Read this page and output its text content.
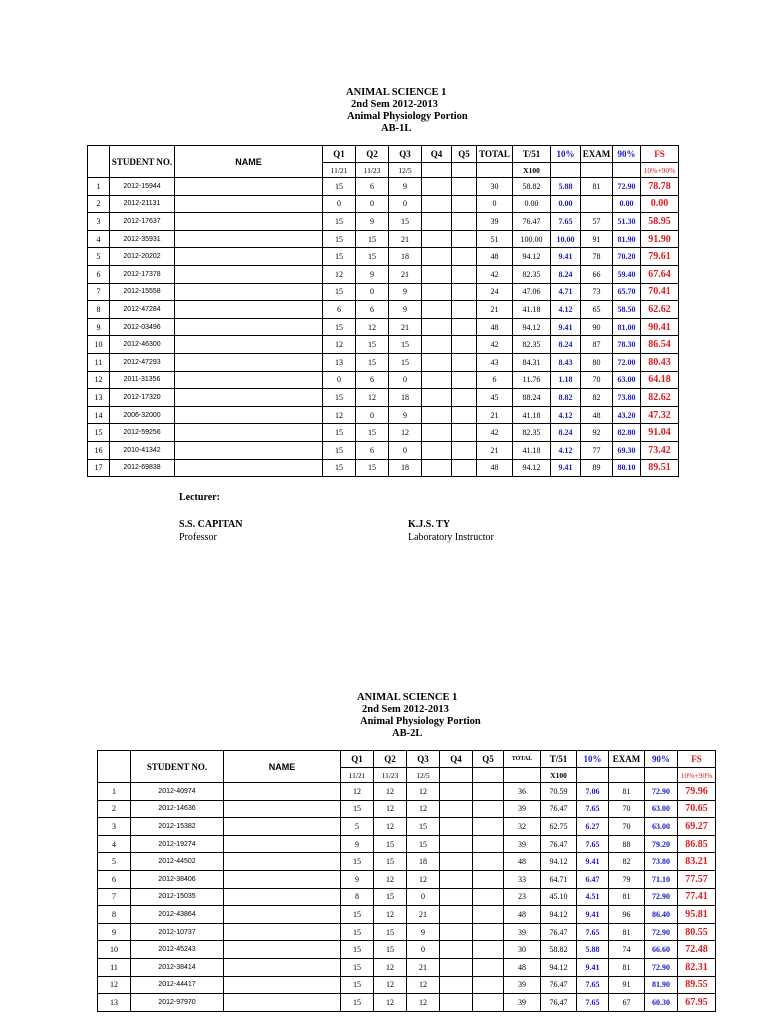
ANIMAL SCIENCE 1
2nd Sem 2012-2013
Animal Physiology Portion
AB-1L
	STUDENT NO.	NAME	Q1	Q2	Q3	Q4	Q5	TOTAL	T/51	10%	EXAM	90%	FS
			11/21	11/23	12/5				X100				10%+90%
1	2012-15944		15	6	9			30	58.82	5.88	81	72.90	78.78
2	2012-21131		0	0	0			0	0.00	0.00		0.00	0.00
3	2012-17637		15	9	15			39	76.47	7.65	57	51.30	58.95
4	2012-35931		15	15	21			51	100.00	10.00	91	81.90	91.90
5	2012-20202		15	15	18			48	94.12	9.41	78	70.20	79.61
6	2012-17378		12	9	21			42	82.35	8.24	66	59.40	67.64
7	2012-15558		15	0	9			24	47.06	4.71	73	65.70	70.41
8	2012-47284		6	6	9			21	41.18	4.12	65	58.50	62.62
9	2012-03496		15	12	21			48	94.12	9.41	90	81.00	90.41
10	2012-46300		12	15	15			42	82.35	8.24	87	78.30	86.54
11	2012-47293		13	15	15			43	84.31	8.43	80	72.00	80.43
12	2011-31356		0	6	0			6	11.76	1.18	70	63.00	64.18
13	2012-17320		15	12	18			45	88.24	8.82	82	73.80	82.62
14	2006-32000		12	0	9			21	41.18	4.12	48	43.20	47.32
15	2012-59256		15	15	12			42	82.35	8.24	92	82.80	91.04
16	2010-41342		15	6	0			21	41.18	4.12	77	69.30	73.42
17	2012-69838		15	15	18			48	94.12	9.41	89	80.10	89.51
Lecturer:
S.S. CAPITAN
Professor
K.J.S. TY
Laboratory Instructor
ANIMAL SCIENCE 1
2nd Sem 2012-2013
Animal Physiology Portion
AB-2L
	STUDENT NO.	NAME	Q1	Q2	Q3	Q4	Q5	TOTAL	T/51	10%	EXAM	90%	FS
			11/21	11/23	12/5				X100				10%+90%
1	2012-40974		12	12	12			36	70.59	7.06	81	72.90	79.96
2	2012-14636		15	12	12			39	76.47	7.65	70	63.00	70.65
3	2012-15382		5	12	15			32	62.75	6.27	70	63.00	69.27
4	2012-19274		9	15	15			39	76.47	7.65	88	79.20	86.85
5	2012-44502		15	15	18			48	94.12	9.41	82	73.80	83.21
6	2012-38406		9	12	12			33	64.71	6.47	79	71.10	77.57
7	2012-15035		8	15	0			23	45.10	4.51	81	72.90	77.41
8	2012-43864		15	12	21			48	94.12	9.41	96	86.40	95.81
9	2012-10737		15	15	9			39	76.47	7.65	81	72.90	80.55
10	2012-45243		15	15	0			30	58.82	5.88	74	66.60	72.48
11	2012-38414		15	12	21			48	94.12	9.41	81	72.90	82.31
12	2012-44417		15	12	12			39	76.47	7.65	91	81.90	89.55
13	2012-97970		15	12	12			39	76.47	7.65	67	60.30	67.95
